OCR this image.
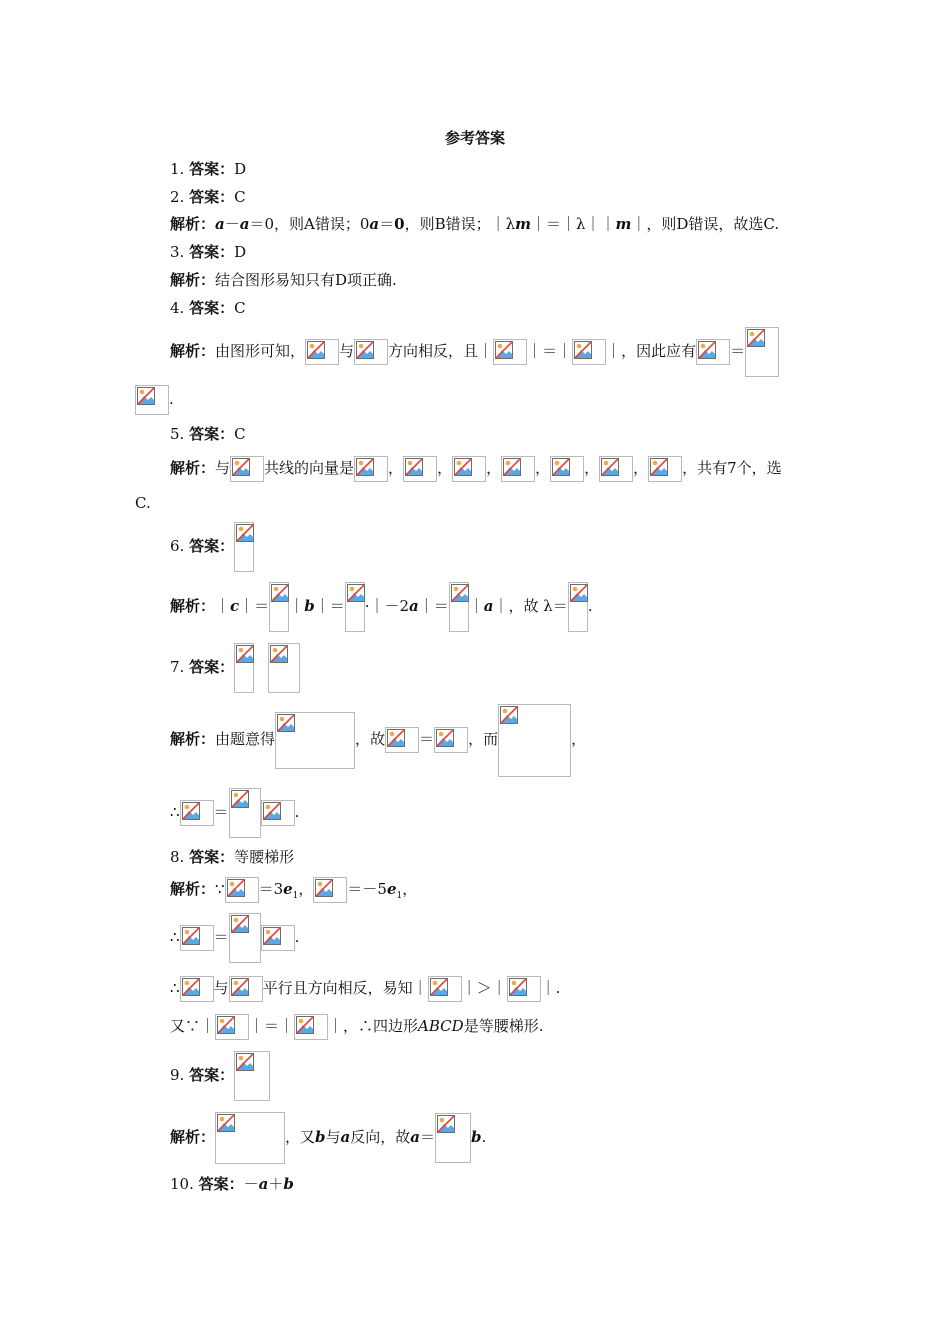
参考答案
1. 答案：D
2. 答案：C
解析：a－a＝0，则A错误；0a＝0，则B错误；｜λm｜＝｜λ｜｜m｜，则D错误，故选C.
3. 答案：D
解析：结合图形易知只有D项正确.
4. 答案：C
解析：由图形可知， 与 方向相反，且｜ ｜＝｜ ｜，因此应有 ＝
.
5. 答案：C
解析：与 共线的向量是 ， ， ， ， ， ， ，共有7个，选
C.
6. 答案：
解析：｜c｜＝ ｜b｜＝ ·｜－2a｜＝ ｜a｜，故 λ＝ .
7. 答案：

解析：由题意得	，故 ＝ ，而	，
∴ ＝	.
8. 答案：等腰梯形
解析：∵ $=3e_1$， $=-5e_1$，
∴ ＝	.
∴ 与 平行且方向相反，易知｜ ｜＞｜ ｜.
又∵｜ ｜＝｜ ｜，∴四边形ABCD是等腰梯形.
9. 答案：
解析：	，又b与a反向，故a＝ b.
10. 答案：－a＋b
